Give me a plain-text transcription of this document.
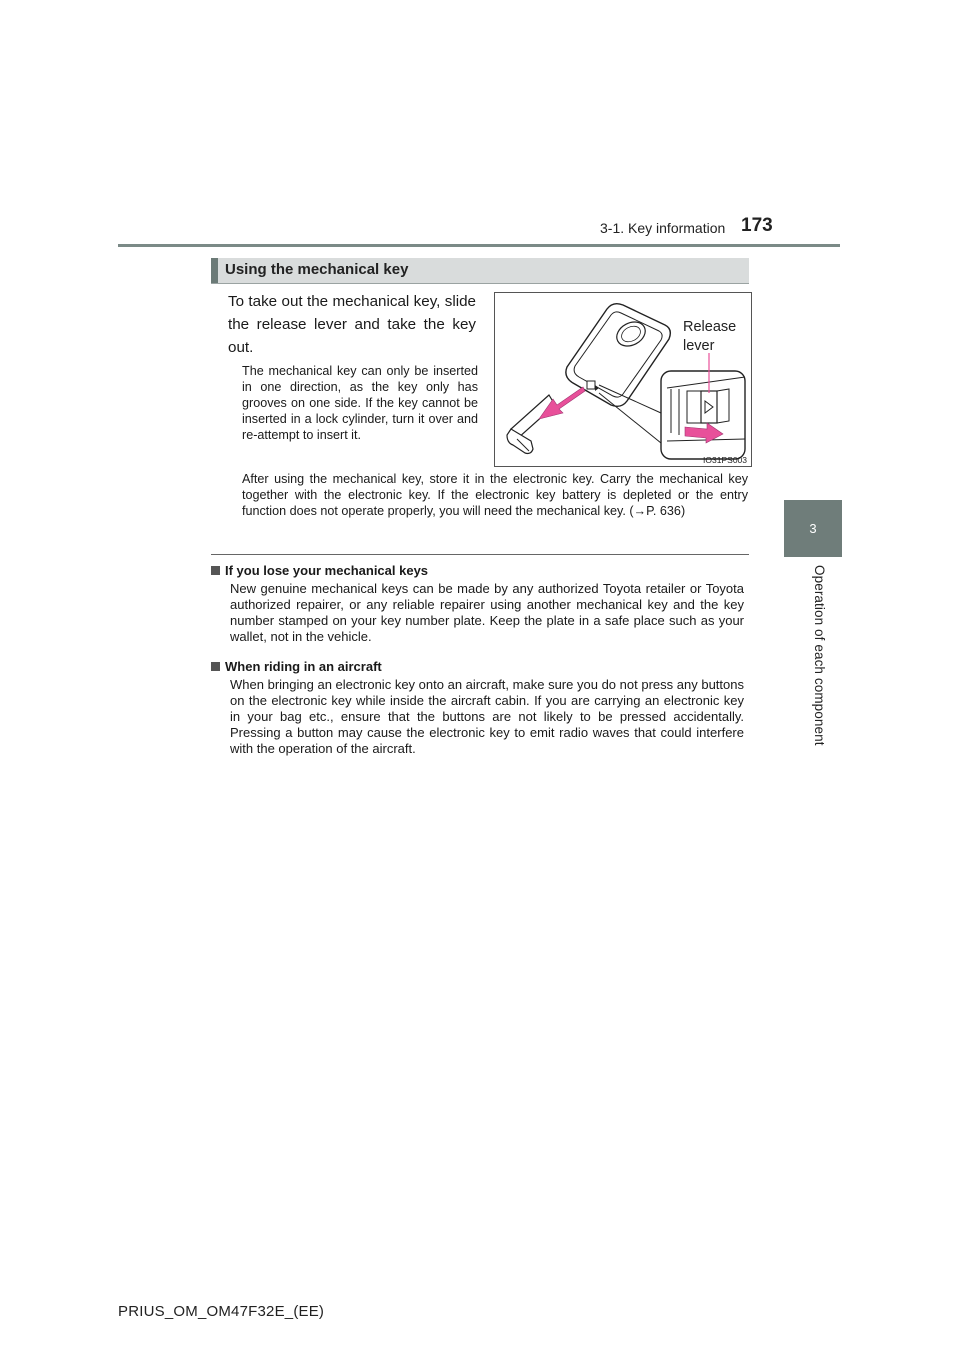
3-1. Key information 173
3
Operation of each component
Using the mechanical key
To take out the mechanical key, slide the release lever and take the key out.
The mechanical key can only be inserted in one direction, as the key only has grooves on one side. If the key cannot be inserted in a lock cylinder, turn it over and re-attempt to insert it.
After using the mechanical key, store it in the electronic key. Carry the mechanical key together with the electronic key. If the electronic key battery is depleted or the entry function does not operate properly, you will need the mechanical key. (→P. 636)
Release
lever
IO31PS003
If you lose your mechanical keys
New genuine mechanical keys can be made by any authorized Toyota retailer or Toyota authorized repairer, or any reliable repairer using another mechanical key and the key number stamped on your key number plate. Keep the plate in a safe place such as your wallet, not in the vehicle.
When riding in an aircraft
When bringing an electronic key onto an aircraft, make sure you do not press any buttons on the electronic key while inside the aircraft cabin. If you are carrying an electronic key in your bag etc., ensure that the buttons are not likely to be pressed accidentally. Pressing a button may cause the electronic key to emit radio waves that could interfere with the operation of the aircraft.
PRIUS_OM_OM47F32E_(EE)
